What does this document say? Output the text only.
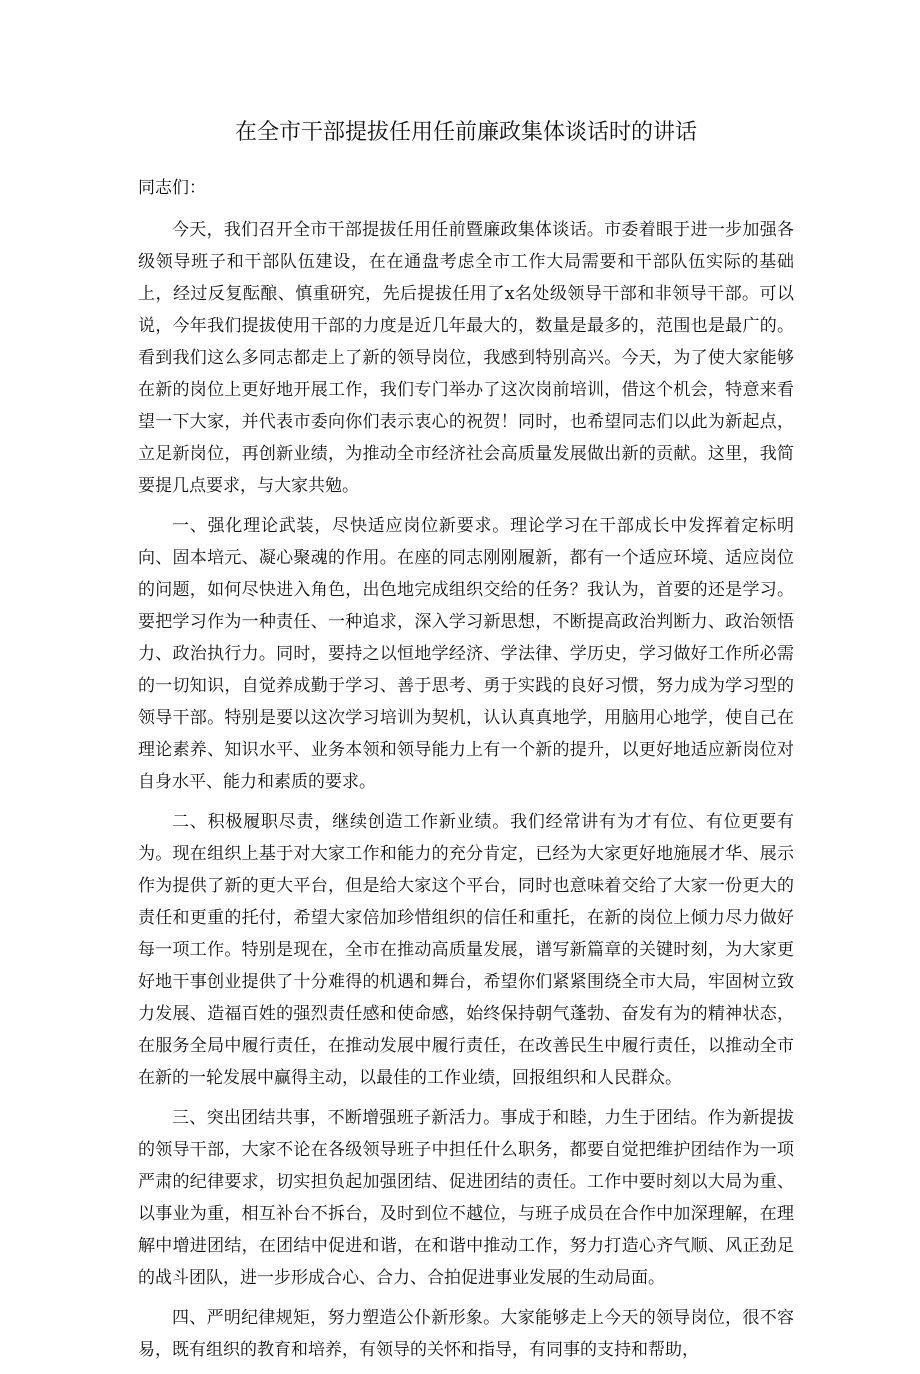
在全市干部提拔任用任前廉政集体谈话时的讲话

同志们：

今天，我们召开全市干部提拔任用任前暨廉政集体谈话。市委着眼于进一步加强各级领导班子和干部队伍建设，在在通盘考虑全市工作大局需要和干部队伍实际的基础上，经过反复酝酿、慎重研究，先后提拔任用了x名处级领导干部和非领导干部。可以说，今年我们提拔使用干部的力度是近几年最大的，数量是最多的，范围也是最广的。看到我们这么多同志都走上了新的领导岗位，我感到特别高兴。今天，为了使大家能够在新的岗位上更好地开展工作，我们专门举办了这次岗前培训，借这个机会，特意来看望一下大家，并代表市委向你们表示衷心的祝贺！同时，也希望同志们以此为新起点，立足新岗位，再创新业绩，为推动全市经济社会高质量发展做出新的贡献。这里，我简要提几点要求，与大家共勉。

一、强化理论武装，尽快适应岗位新要求。理论学习在干部成长中发挥着定标明向、固本培元、凝心聚魂的作用。在座的同志刚刚履新，都有一个适应环境、适应岗位的问题，如何尽快进入角色，出色地完成组织交给的任务？我认为，首要的还是学习。要把学习作为一种责任、一种追求，深入学习新思想，不断提高政治判断力、政治领悟力、政治执行力。同时，要持之以恒地学经济、学法律、学历史，学习做好工作所必需的一切知识，自觉养成勤于学习、善于思考、勇于实践的良好习惯，努力成为学习型的领导干部。特别是要以这次学习培训为契机，认认真真地学，用脑用心地学，使自己在理论素养、知识水平、业务本领和领导能力上有一个新的提升，以更好地适应新岗位对自身水平、能力和素质的要求。

二、积极履职尽责，继续创造工作新业绩。我们经常讲有为才有位、有位更要有为。现在组织上基于对大家工作和能力的充分肯定，已经为大家更好地施展才华、展示作为提供了新的更大平台，但是给大家这个平台，同时也意味着交给了大家一份更大的责任和更重的托付，希望大家倍加珍惜组织的信任和重托，在新的岗位上倾力尽力做好每一项工作。特别是现在，全市在推动高质量发展，谱写新篇章的关键时刻，为大家更好地干事创业提供了十分难得的机遇和舞台，希望你们紧紧围绕全市大局，牢固树立致力发展、造福百姓的强烈责任感和使命感，始终保持朝气蓬勃、奋发有为的精神状态，在服务全局中履行责任，在推动发展中履行责任，在改善民生中履行责任，以推动全市在新的一轮发展中赢得主动，以最佳的工作业绩，回报组织和人民群众。

三、突出团结共事，不断增强班子新活力。事成于和睦，力生于团结。作为新提拔的领导干部，大家不论在各级领导班子中担任什么职务，都要自觉把维护团结作为一项严肃的纪律要求，切实担负起加强团结、促进团结的责任。工作中要时刻以大局为重、以事业为重，相互补台不拆台，及时到位不越位，与班子成员在合作中加深理解，在理解中增进团结，在团结中促进和谐，在和谐中推动工作，努力打造心齐气顺、风正劲足的战斗团队，进一步形成合心、合力、合拍促进事业发展的生动局面。

四、严明纪律规矩，努力塑造公仆新形象。大家能够走上今天的领导岗位，很不容易，既有组织的教育和培养，有领导的关怀和指导，有同事的支持和帮助，
